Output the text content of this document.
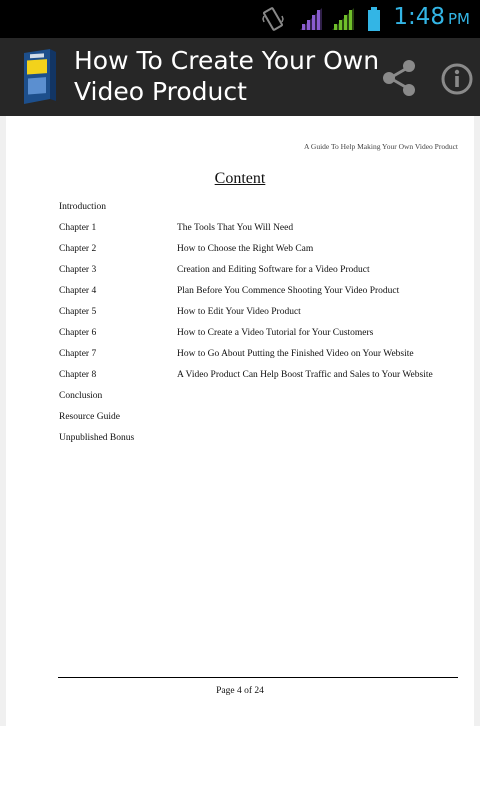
1:48 PM
How To Create Your Own Video Product
A Guide To Help Making Your Own Video Product
Content
Introduction
Chapter 1	The Tools That You Will Need
Chapter 2	How to Choose the Right Web Cam
Chapter 3	Creation and Editing Software for a Video Product
Chapter 4	Plan Before You Commence Shooting Your Video Product
Chapter 5	How to Edit Your Video Product
Chapter 6	How to Create a Video Tutorial for Your Customers
Chapter 7	How to Go About Putting the Finished Video on Your Website
Chapter 8	A Video Product Can Help Boost Traffic and Sales to Your Website
Conclusion
Resource Guide
Unpublished Bonus
Page 4 of 24
